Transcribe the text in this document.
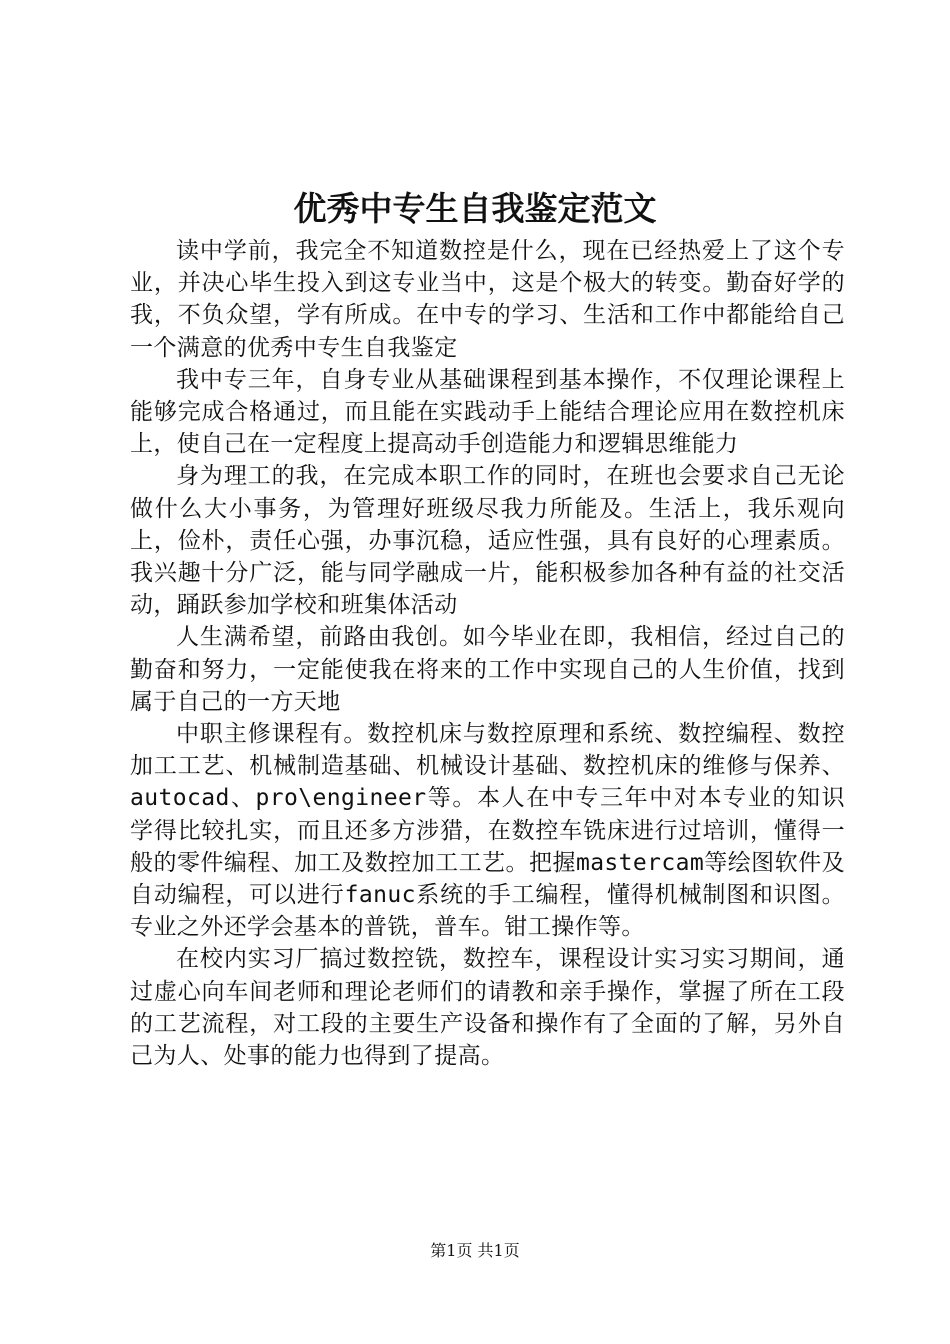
优秀中专生自我鉴定范文

读中学前，我完全不知道数控是什么，现在已经热爱上了这个专业，并决心毕生投入到这专业当中，这是个极大的转变。勤奋好学的我，不负众望，学有所成。在中专的学习、生活和工作中都能给自己一个满意的优秀中专生自我鉴定

我中专三年，自身专业从基础课程到基本操作，不仅理论课程上能够完成合格通过，而且能在实践动手上能结合理论应用在数控机床上，使自己在一定程度上提高动手创造能力和逻辑思维能力

身为理工的我，在完成本职工作的同时，在班也会要求自己无论做什么大小事务，为管理好班级尽我力所能及。生活上，我乐观向上，俭朴，责任心强，办事沉稳，适应性强，具有良好的心理素质。我兴趣十分广泛，能与同学融成一片，能积极参加各种有益的社交活动，踊跃参加学校和班集体活动

人生满希望，前路由我创。如今毕业在即，我相信，经过自己的勤奋和努力，一定能使我在将来的工作中实现自己的人生价值，找到属于自己的一方天地

中职主修课程有。数控机床与数控原理和系统、数控编程、数控加工工艺、机械制造基础、机械设计基础、数控机床的维修与保养、autocad、pro\engineer等。本人在中专三年中对本专业的知识学得比较扎实，而且还多方涉猎，在数控车铣床进行过培训，懂得一般的零件编程、加工及数控加工工艺。把握mastercam等绘图软件及自动编程，可以进行fanuc系统的手工编程，懂得机械制图和识图。专业之外还学会基本的普铣，普车。钳工操作等。

在校内实习厂搞过数控铣，数控车，课程设计实习实习期间，通过虚心向车间老师和理论老师们的请教和亲手操作，掌握了所在工段的工艺流程，对工段的主要生产设备和操作有了全面的了解，另外自己为人、处事的能力也得到了提高。

第1页 共1页
